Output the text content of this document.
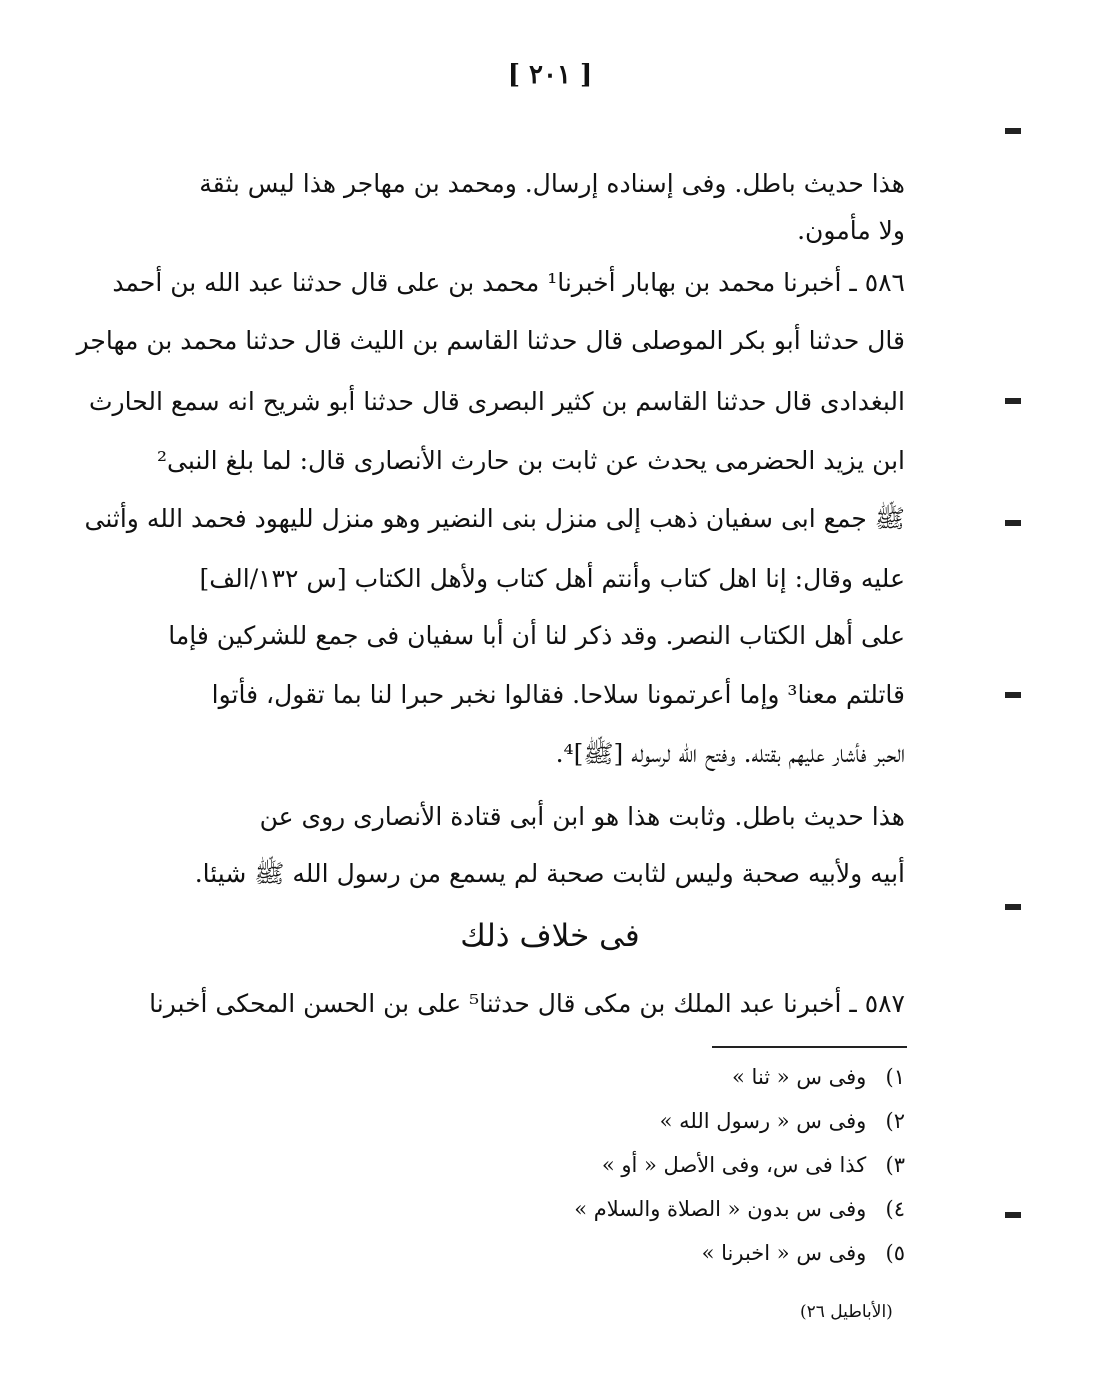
[ ٢٠١ ]
هذا حديث باطل. وفى إسناده إرسال. ومحمد بن مهاجر هذا ليس بثقة
ولا مأمون.
٥٨٦ ـ أخبرنا محمد بن بهابار أخبرنا¹ محمد بن على قال حدثنا عبد الله بن أحمد
قال حدثنا أبو بكر الموصلى قال حدثنا القاسم بن الليث قال حدثنا محمد بن مهاجر
البغدادى قال حدثنا القاسم بن كثير البصرى قال حدثنا أبو شريح انه سمع الحارث
ابن يزيد الحضرمى يحدث عن ثابت بن حارث الأنصارى قال: لما بلغ النبى²
ﷺ جمع ابى سفيان ذهب إلى منزل بنى النضير وهو منزل لليهود فحمد الله وأثنى
عليه وقال: إنا اهل كتاب وأنتم أهل كتاب ولأهل الكتاب [س ١٣٢/الف]
على أهل الكتاب النصر. وقد ذكر لنا أن أبا سفيان فى جمع للشركين فإما
قاتلتم معنا³ وإما أعرتمونا سلاحا. فقالوا نخبر حبرا لنا بما تقول، فأتوا
الحبر فأشار عليهم بقتله. وفتح الله لرسوله [ﷺ]⁴.
هذا حديث باطل. وثابت هذا هو ابن أبى قتادة الأنصارى روى عن
أبيه ولأبيه صحبة وليس لثابت صحبة لم يسمع من رسول الله ﷺ شيئا.
فى خلاف ذلك
٥٨٧ ـ أخبرنا عبد الملك بن مكى قال حدثنا⁵ على بن الحسن المحكى أخبرنا
١) وفى س « ثنا »
٢) وفى س « رسول الله »
٣) كذا فى س، وفى الأصل « أو »
٤) وفى س بدون « الصلاة والسلام »
٥) وفى س « اخبرنا »
(الأباطيل ٢٦)
